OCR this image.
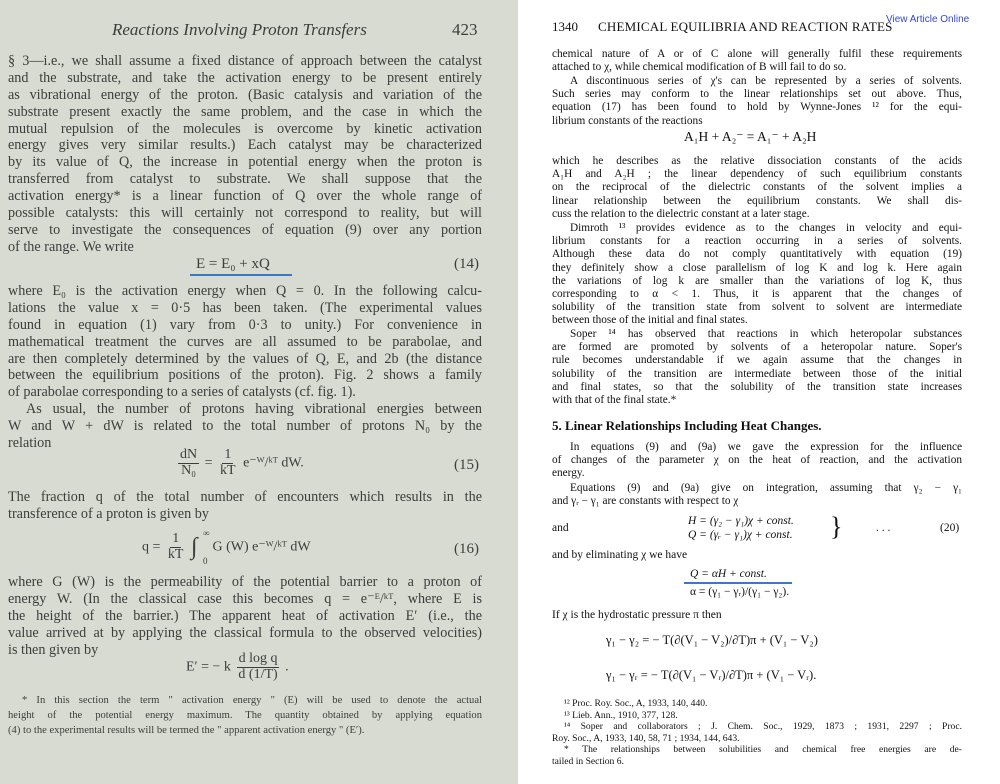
Reactions Involving Proton Transfers	423
§ 3—i.e., we shall assume a fixed distance of approach between the catalyst
and the substrate, and take the activation energy to be present entirely
as vibrational energy of the proton. (Basic catalysis and variation of the
substrate present exactly the same problem, and the case in which the
mutual repulsion of the molecules is overcome by kinetic activation
energy gives very similar results.) Each catalyst may be characterized
by its value of Q, the increase in potential energy when the proton is
transferred from catalyst to substrate. We shall suppose that the
activation energy* is a linear function of Q over the whole range of
possible catalysts: this will certainly not correspond to reality, but will
serve to investigate the consequences of equation (9) over any portion
of the range. We write
E = E₀ + xQ	(14)
where E₀ is the activation energy when Q = 0. In the following calcu-
lations the value x = 0·5 has been taken. (The experimental values
found in equation (1) vary from 0·3 to unity.) For convenience in
mathematical treatment the curves are all assumed to be parabolae, and
are then completely determined by the values of Q, E, and 2b (the distance
between the equilibrium positions of the proton). Fig. 2 shows a family
of parabolae corresponding to a series of catalysts (cf. fig. 1).
As usual, the number of protons having vibrational energies between
W and W + dW is related to the total number of protons N₀ by the
relation
$\frac{dN}{\text{N₀}} = \frac{1}{kT}$ e⁻ᵂ/ᵏᵀ dW.	(15)
The fraction q of the total number of encounters which results in the
transference of a proton is given by
$q = \frac{1}{kT}$ ∫
∞
0
G (W) e⁻ᵂ/ᵏᵀ dW	(16)
where G (W) is the permeability of the potential barrier to a proton of
energy W. (In the classical case this becomes q = e⁻ᴱ/ᵏᵀ, where E is
the height of the barrier.) The apparent heat of activation E′ (i.e., the
value arrived at by applying the classical formula to the observed velocities)
is then given by
E′ = − k $\frac{\text{d log q}}{d (1/T)}$ .
* In this section the term " activation energy " (E) will be used to denote the actual
height of the potential energy maximum. The quantity obtained by applying equation
(4) to the experimental results will be termed the " apparent activation energy " (E′).
1340 CHEMICAL EQUILIBRIA AND REACTION RATES
View Article Online
chemical nature of A or of C alone will generally fulfil these requirements
attached to χ, while chemical modification of B will fail to do so.
A discontinuous series of χ's can be represented by a series of solvents.
Such series may conform to the linear relationships set out above. Thus,
equation (17) has been found to hold by Wynne-Jones ¹² for the equi-
librium constants of the reactions
A₁H + A₂⁻ = A₁⁻ + A₂H
which he describes as the relative dissociation constants of the acids
A₁H and A₂H ; the linear dependency of such equilibrium constants
on the reciprocal of the dielectric constants of the solvent implies a
linear relationship between the equilibrium constants. We shall dis-
cuss the relation to the dielectric constant at a later stage.
Dimroth ¹³ provides evidence as to the changes in velocity and equi-
librium constants for a reaction occurring in a series of solvents.
Although these data do not comply quantitatively with equation (19)
they definitely show a close parallelism of log K and log k. Here again
the variations of log k are smaller than the variations of log K, thus
corresponding to α < 1. Thus, it is apparent that the changes of
solubility of the transition state from solvent to solvent are intermediate
between those of the initial and final states.
Soper ¹⁴ has observed that reactions in which heteropolar substances
are formed are promoted by solvents of a heteropolar nature. Soper's
rule becomes understandable if we again assume that the changes in
solubility of the transition are intermediate between those of the initial
and final states, so that the solubility of the transition state increases
with that of the final state.*
5. Linear Relationships Including Heat Changes.
In equations (9) and (9a) we gave the expression for the influence
of changes of the parameter χ on the heat of reaction, and the activation
energy.
Equations (9) and (9a) give on integration, assuming that γ₂ − γ₁
and γᵣ − γ₁ are constants with respect to χ
and
H = (γ₂ − γ₁)χ + const.
Q = (γᵣ − γ₁)χ + const. }	. . .	(20)
and by eliminating χ we have
Q = αH + const.
α = (γ₁ − γᵣ)/(γ₁ − γ₂).
If χ is the hydrostatic pressure π then
γ₁ − γ₂ = − T(∂(V₁ − V₂)/∂T)π + (V₁ − V₂)
γ₁ − γᵣ = − T(∂(V₁ − Vᵣ)/∂T)π + (V₁ − Vᵣ).
¹² Proc. Roy. Soc., A, 1933, 140, 440.
¹³ Lieb. Ann., 1910, 377, 128.
¹⁴ Soper and collaborators ; J. Chem. Soc., 1929, 1873 ; 1931, 2297 ; Proc.
Roy. Soc., A, 1933, 140, 58, 71 ; 1934, 144, 643.
* The relationships between solubilities and chemical free energies are de-
tailed in Section 6.
